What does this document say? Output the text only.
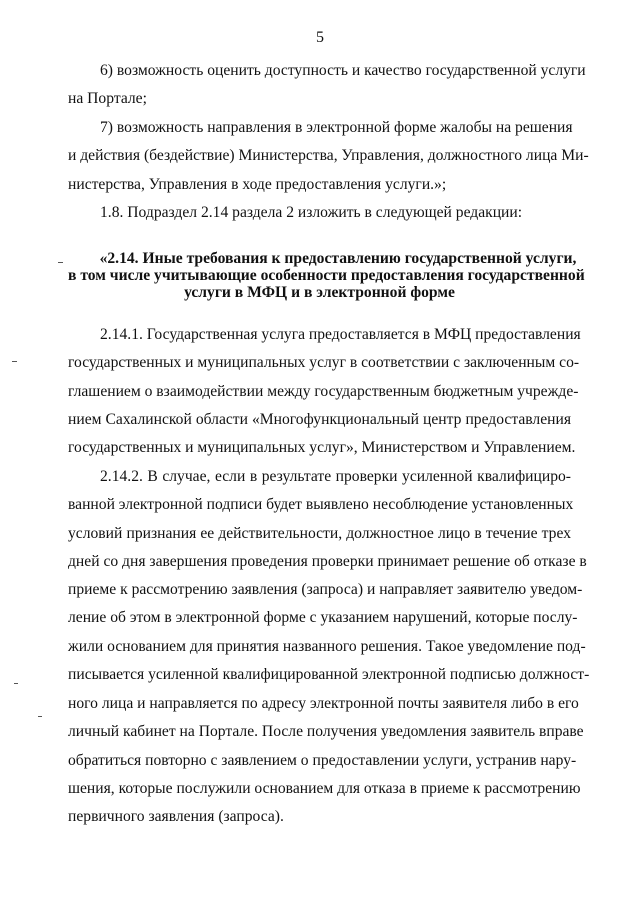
5
6) возможность оценить доступность и качество государственной услуги
на Портале;
7) возможность направления в электронной форме жалобы на решения
и действия (бездействие) Министерства, Управления, должностного лица Ми-
нистерства, Управления в ходе предоставления услуги.»;
1.8. Подраздел 2.14 раздела 2 изложить в следующей редакции:
«2.14. Иные требования к предоставлению государственной услуги,
в том числе учитывающие особенности предоставления государственной
услуги в МФЦ и в электронной форме
2.14.1. Государственная услуга предоставляется в МФЦ предоставления
государственных и муниципальных услуг в соответствии с заключенным со-
глашением о взаимодействии между государственным бюджетным учрежде-
нием Сахалинской области «Многофункциональный центр предоставления
государственных и муниципальных услуг», Министерством и Управлением.
2.14.2. В случае, если в результате проверки усиленной квалифициро-
ванной электронной подписи будет выявлено несоблюдение установленных
условий признания ее действительности, должностное лицо в течение трех
дней со дня завершения проведения проверки принимает решение об отказе в
приеме к рассмотрению заявления (запроса) и направляет заявителю уведом-
ление об этом в электронной форме с указанием нарушений, которые послу-
жили основанием для принятия названного решения. Такое уведомление под-
писывается усиленной квалифицированной электронной подписью должност-
ного лица и направляется по адресу электронной почты заявителя либо в его
личный кабинет на Портале. После получения уведомления заявитель вправе
обратиться повторно с заявлением о предоставлении услуги, устранив нару-
шения, которые послужили основанием для отказа в приеме к рассмотрению
первичного заявления (запроса).
